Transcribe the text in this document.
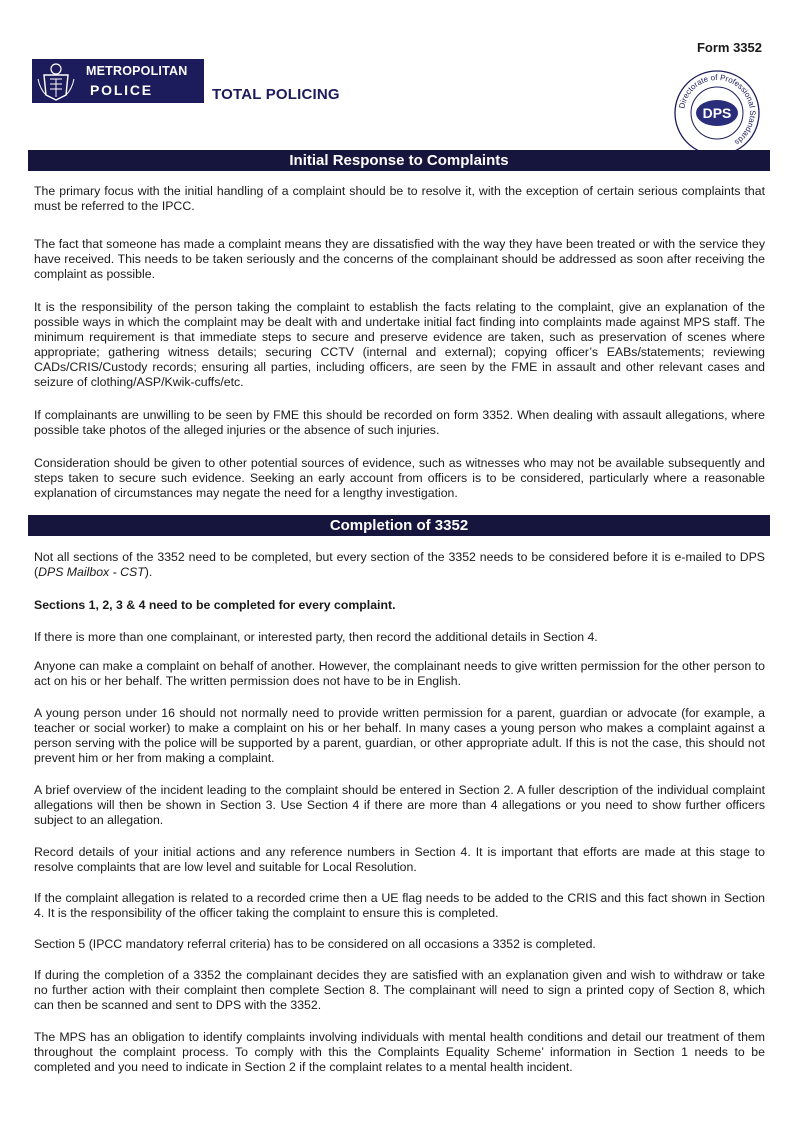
Form 3352
METROPOLITAN
POLICE	TOTAL POLICING
Directorate of Professional Standards
DPS
Initial Response to Complaints

The primary focus with the initial handling of a complaint should be to resolve it, with the exception of certain serious complaints that must be referred to the IPCC.

The fact that someone has made a complaint means they are dissatisfied with the way they have been treated or with the service they have received. This needs to be taken seriously and the concerns of the complainant should be addressed as soon after receiving the complaint as possible.

It is the responsibility of the person taking the complaint to establish the facts relating to the complaint, give an explanation of the possible ways in which the complaint may be dealt with and undertake initial fact finding into complaints made against MPS staff. The minimum requirement is that immediate steps to secure and preserve evidence are taken, such as preservation of scenes where appropriate; gathering witness details; securing CCTV (internal and external); copying officer’s EABs/statements; reviewing CADs/CRIS/Custody records; ensuring all parties, including officers, are seen by the FME in assault and other relevant cases and seizure of clothing/ASP/Kwik-cuffs/etc.

If complainants are unwilling to be seen by FME this should be recorded on form 3352. When dealing with assault allegations, where possible take photos of the alleged injuries or the absence of such injuries.

Consideration should be given to other potential sources of evidence, such as witnesses who may not be available subsequently and steps taken to secure such evidence. Seeking an early account from officers is to be considered, particularly where a reasonable explanation of circumstances may negate the need for a lengthy investigation.

Completion of 3352

Not all sections of the 3352 need to be completed, but every section of the 3352 needs to be considered before it is e-mailed to DPS (DPS Mailbox - CST).

Sections 1, 2, 3 & 4 need to be completed for every complaint.

If there is more than one complainant, or interested party, then record the additional details in Section 4.

Anyone can make a complaint on behalf of another. However, the complainant needs to give written permission for the other person to act on his or her behalf. The written permission does not have to be in English.

A young person under 16 should not normally need to provide written permission for a parent, guardian or advocate (for example, a teacher or social worker) to make a complaint on his or her behalf. In many cases a young person who makes a complaint against a person serving with the police will be supported by a parent, guardian, or other appropriate adult. If this is not the case, this should not prevent him or her from making a complaint.

A brief overview of the incident leading to the complaint should be entered in Section 2. A fuller description of the individual complaint allegations will then be shown in Section 3. Use Section 4 if there are more than 4 allegations or you need to show further officers subject to an allegation.

Record details of your initial actions and any reference numbers in Section 4. It is important that efforts are made at this stage to resolve complaints that are low level and suitable for Local Resolution.

If the complaint allegation is related to a recorded crime then a UE flag needs to be added to the CRIS and this fact shown in Section 4. It is the responsibility of the officer taking the complaint to ensure this is completed.

Section 5 (IPCC mandatory referral criteria) has to be considered on all occasions a 3352 is completed.

If during the completion of a 3352 the complainant decides they are satisfied with an explanation given and wish to withdraw or take no further action with their complaint then complete Section 8. The complainant will need to sign a printed copy of Section 8, which can then be scanned and sent to DPS with the 3352.

The MPS has an obligation to identify complaints involving individuals with mental health conditions and detail our treatment of them throughout the complaint process. To comply with this the Complaints Equality Scheme’ information in Section 1 needs to be completed and you need to indicate in Section 2 if the complaint relates to a mental health incident.
